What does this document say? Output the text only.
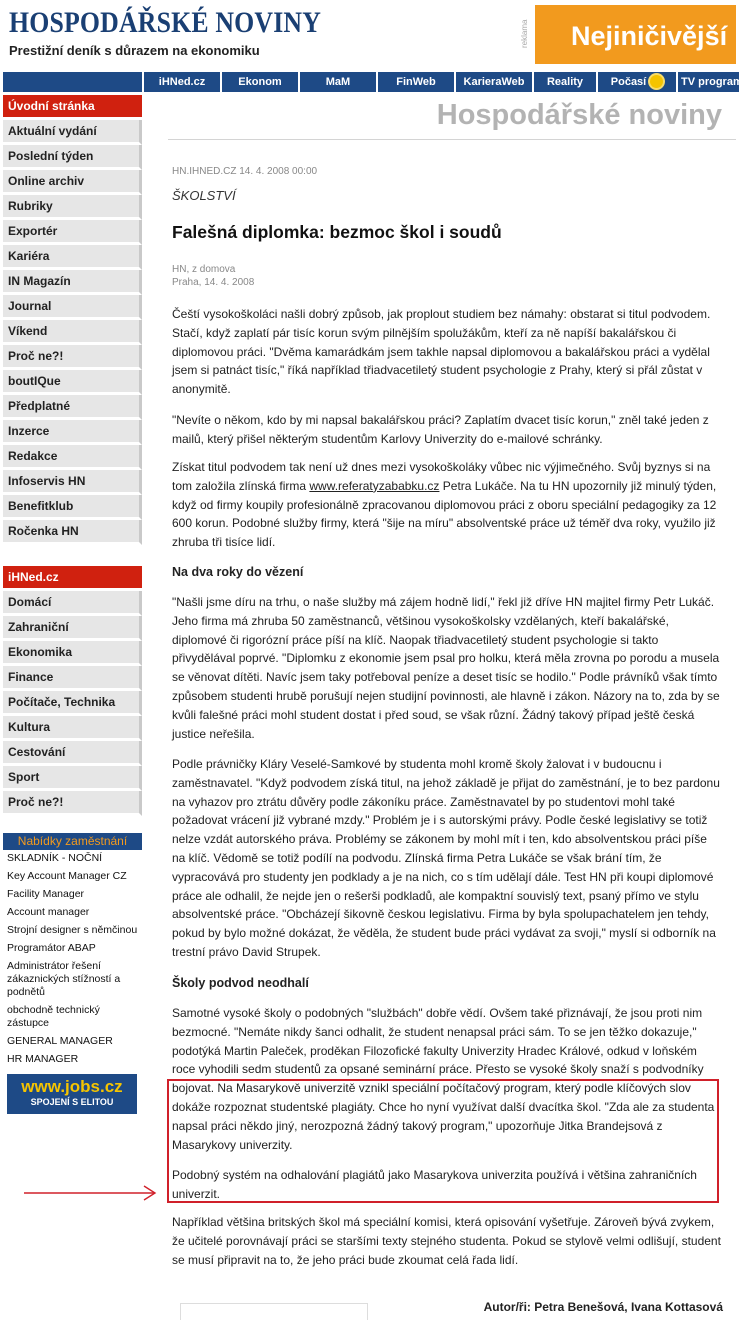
HOSPODÁŘSKÉ NOVINY
Prestižní deník s důrazem na ekonomiku
reklama Nejiničivější b
iHNed.cz	Ekonom	MaM	FinWeb	KarieraWeb	Reality	Počasí	TV program
Úvodní stránka
Aktuální vydání
Poslední týden
Online archiv
Rubriky
Exportér
Kariéra
IN Magazín
Journal
Víkend
Proč ne?!
boutIQue
Předplatné
Inzerce
Redakce
Infoservis HN
Benefitklub
Ročenka HN
iHNed.cz
Domácí
Zahraniční
Ekonomika
Finance
Počítače, Technika
Kultura
Cestování
Sport
Proč ne?!
Nabídky zaměstnání
SKLADNÍK - NOČNÍ
Key Account Manager CZ
Facility Manager
Account manager
Strojní designer s němčinou
Programátor ABAP
Administrátor řešení zákaznických stížností a podnětů
obchodně technický zástupce
GENERAL MANAGER
HR MANAGER
www.jobs.cz
SPOJENÍ S ELITOU
Hospodářské noviny
HN.IHNED.CZ 14. 4. 2008 00:00
ŠKOLSTVÍ
Falešná diplomka: bezmoc škol i soudů
HN, z domova
Praha, 14. 4. 2008

Čeští vysokoškoláci našli dobrý způsob, jak proplout studiem bez námahy: obstarat si titul podvodem. Stačí, když zaplatí pár tisíc korun svým pilnějším spolužákům, kteří za ně napíší bakalářskou či diplomovou práci. "Dvěma kamarádkám jsem takhle napsal diplomovou a bakalářskou práci a vydělal jsem si patnáct tisíc," říká například třiadvacetiletý student psychologie z Prahy, který si přál zůstat v anonymitě.

"Nevíte o někom, kdo by mi napsal bakalářskou práci? Zaplatím dvacet tisíc korun," zněl také jeden z mailů, který přišel některým studentům Karlovy Univerzity do e-mailové schránky.

Získat titul podvodem tak není už dnes mezi vysokoškoláky vůbec nic výjimečného. Svůj byznys si na tom založila zlínská firma www.referatyzababku.cz Petra Lukáče. Na tu HN upozornily již minulý týden, když od firmy koupily profesionálně zpracovanou diplomovou práci z oboru speciální pedagogiky za 12 600 korun. Podobné služby firmy, která "šije na míru" absolventské práce už téměř dva roky, využilo již zhruba tři tisíce lidí.

Na dva roky do vězení

"Našli jsme díru na trhu, o naše služby má zájem hodně lidí," řekl již dříve HN majitel firmy Petr Lukáč. Jeho firma má zhruba 50 zaměstnanců, většinou vysokoškolsky vzdělaných, kteří bakalářské, diplomové či rigorózní práce píší na klíč. Naopak třiadvacetiletý student psychologie si takto přivydělával poprvé. "Diplomku z ekonomie jsem psal pro holku, která měla zrovna po porodu a musela se věnovat dítěti. Navíc jsem taky potřeboval peníze a deset tisíc se hodilo." Podle právníků však tímto způsobem studenti hrubě porušují nejen studijní povinnosti, ale hlavně i zákon. Názory na to, zda by se kvůli falešné práci mohl student dostat i před soud, se však různí. Žádný takový případ ještě česká justice neřešila.

Podle právničky Kláry Veselé-Samkové by studenta mohl kromě školy žalovat i v budoucnu i zaměstnavatel. "Když podvodem získá titul, na jehož základě je přijat do zaměstnání, je to bez pardonu na vyhazov pro ztrátu důvěry podle zákoníku práce. Zaměstnavatel by po studentovi mohl také požadovat vrácení již vybrané mzdy." Problém je i s autorskými právy. Podle české legislativy se totiž nelze vzdát autorského práva. Problémy se zákonem by mohl mít i ten, kdo absolventskou práci píše na klíč. Vědomě se totiž podílí na podvodu. Zlínská firma Petra Lukáče se však brání tím, že vypracovává pro studenty jen podklady a je na nich, co s tím udělají dále. Test HN při koupi diplomové práce ale odhalil, že nejde jen o rešerši podkladů, ale kompaktní souvislý text, psaný přímo ve stylu absolventské práce. "Obcházejí šikovně českou legislativu. Firma by byla spolupachatelem jen tehdy, pokud by bylo možné dokázat, že věděla, že student bude práci vydávat za svoji," myslí si odborník na trestní právo David Strupek.

Školy podvod neodhalí

Samotné vysoké školy o podobných "službách" dobře vědí. Ovšem také přiznávají, že jsou proti nim bezmocné. "Nemáte nikdy šanci odhalit, že student nenapsal práci sám. To se jen těžko dokazuje," podotýká Martin Paleček, proděkan Filozofické fakulty Univerzity Hradec Králové, odkud v loňském roce vyhodili sedm studentů za opsané seminární práce. Přesto se vysoké školy snaží s podvodníky bojovat. Na Masarykově univerzitě vznikl speciální počítačový program, který podle klíčových slov dokáže rozpoznat studentské plagiáty. Chce ho nyní využívat další dvacítka škol. "Zda ale za studenta napsal práci někdo jiný, nerozpozná žádný takový program," upozorňuje Jitka Brandejsová z Masarykovy univerzity.

Podobný systém na odhalování plagiátů jako Masarykova univerzita používá i většina zahraničních univerzit.

Například většina britských škol má speciální komisi, která opisování vyšetřuje. Zároveň bývá zvykem, že učitelé porovnávají práci se staršími texty stejného studenta. Pokud se stylově velmi odlišují, student se musí připravit na to, že jeho práci bude zkoumat celá řada lidí.

Autor/ři: Petra Benešová, Ivana Kottasová
